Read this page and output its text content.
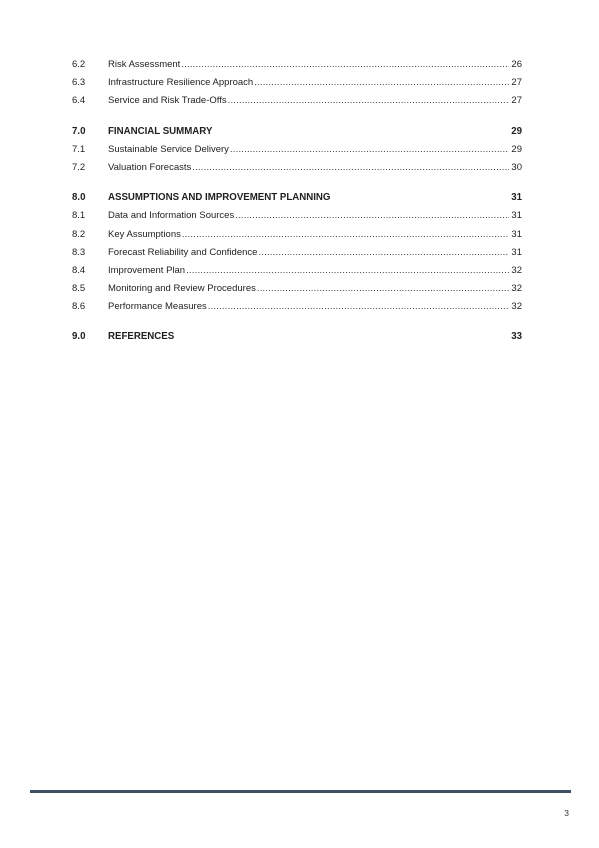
6.2	Risk Assessment .....	26
6.3	Infrastructure Resilience Approach .....	27
6.4	Service and Risk Trade-Offs .....	27
7.0	FINANCIAL SUMMARY	29
7.1	Sustainable Service Delivery .....	29
7.2	Valuation Forecasts .....	30
8.0	ASSUMPTIONS AND IMPROVEMENT PLANNING	31
8.1	Data and Information Sources .....	31
8.2	Key Assumptions .....	31
8.3	Forecast Reliability and Confidence .....	31
8.4	Improvement Plan .....	32
8.5	Monitoring and Review Procedures .....	32
8.6	Performance Measures .....	32
9.0	REFERENCES	33
3
